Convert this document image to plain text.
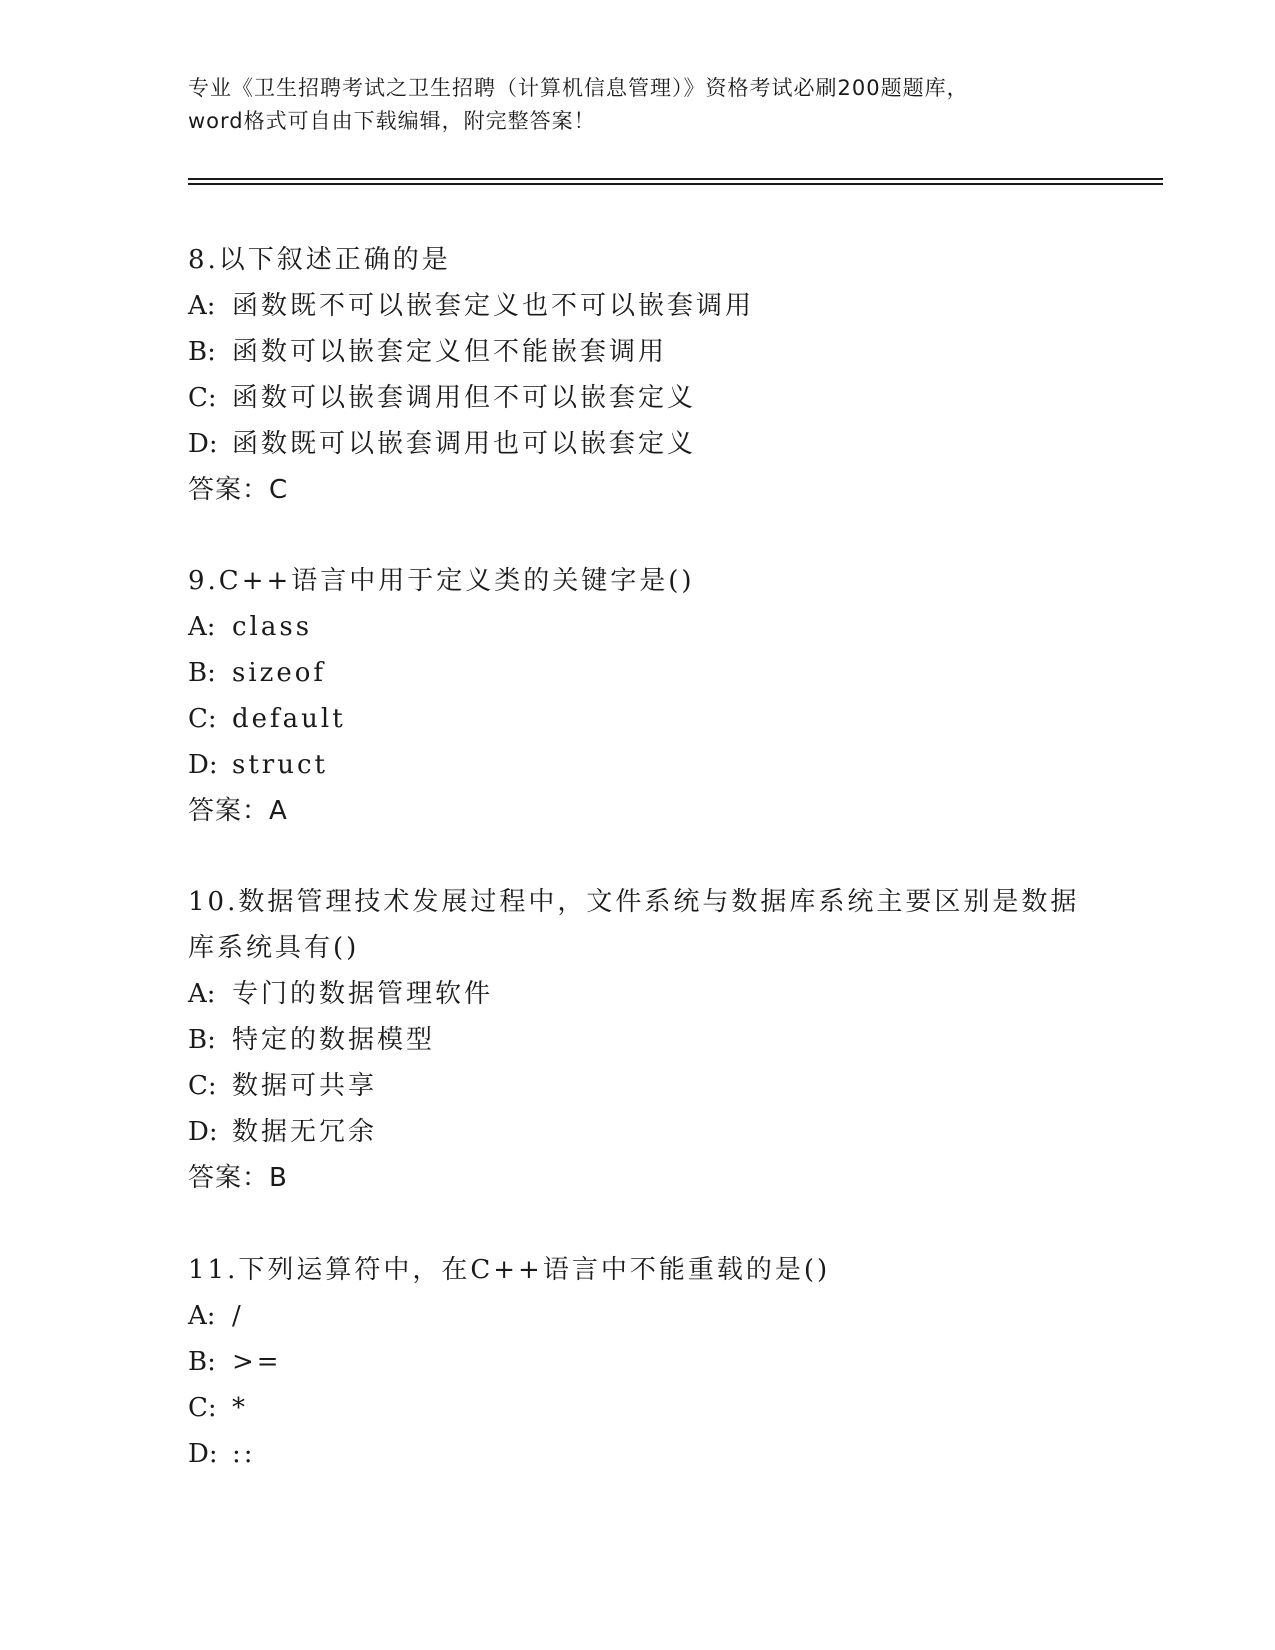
专业《卫生招聘考试之卫生招聘（计算机信息管理）》资格考试必刷200题题库，
word格式可自由下载编辑，附完整答案！
8.以下叙述正确的是
A: 函数既不可以嵌套定义也不可以嵌套调用
B: 函数可以嵌套定义但不能嵌套调用
C: 函数可以嵌套调用但不可以嵌套定义
D: 函数既可以嵌套调用也可以嵌套定义
答案：C
9.C++语言中用于定义类的关键字是()
A: class
B: sizeof
C: default
D: struct
答案：A
10.数据管理技术发展过程中，文件系统与数据库系统主要区别是数据库系统具有()
A: 专门的数据管理软件
B: 特定的数据模型
C: 数据可共享
D: 数据无冗余
答案：B
11.下列运算符中，在C++语言中不能重载的是()
A: /
B: >=
C: *
D: ::
